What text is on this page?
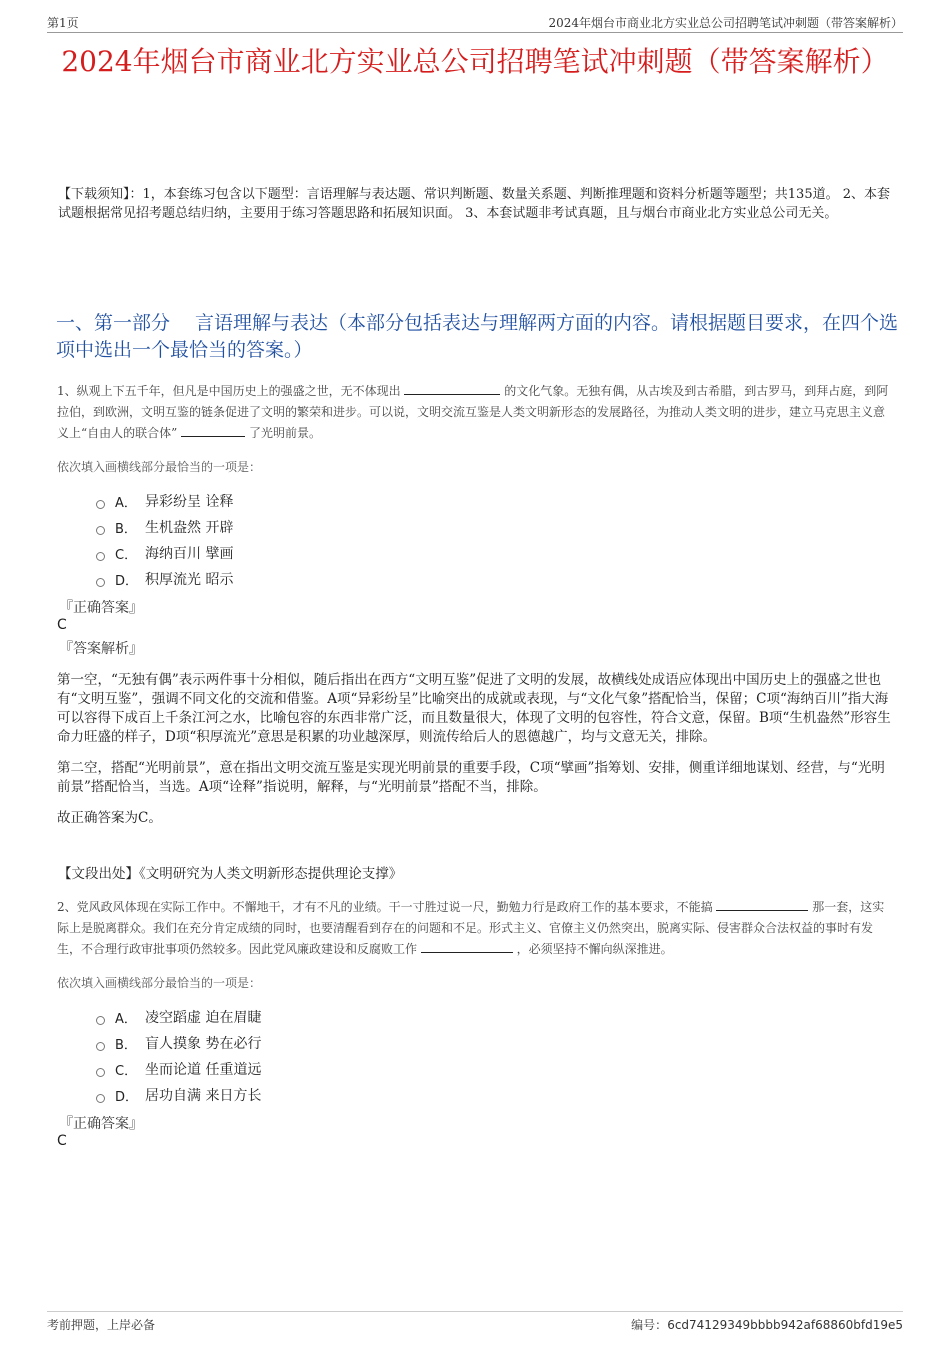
第1页	2024年烟台市商业北方实业总公司招聘笔试冲刺题（带答案解析）
2024年烟台市商业北方实业总公司招聘笔试冲刺题（带答案解析）
【下载须知】：1，本套练习包含以下题型：言语理解与表达题、常识判断题、数量关系题、判断推理题和资料分析题等题型；共135道。 2、本套试题根据常见招考题总结归纳，主要用于练习答题思路和拓展知识面。 3、本套试题非考试真题，且与烟台市商业北方实业总公司无关。
一、第一部分　 言语理解与表达（本部分包括表达与理解两方面的内容。请根据题目要求，在四个选项中选出一个最恰当的答案。）
1、纵观上下五千年，但凡是中国历史上的强盛之世，无不体现出	的文化气象。无独有偶，从古埃及到古希腊，到古罗马，到拜占庭，到阿拉伯，到欧洲，文明互鉴的链条促进了文明的繁荣和进步。可以说，文明交流互鉴是人类文明新形态的发展路径，为推动人类文明的进步，建立马克思主义意义上“自由人的联合体”	了光明前景。
依次填入画横线部分最恰当的一项是：
A． 异彩纷呈 诠释
B． 生机盎然 开辟
C． 海纳百川 擘画
D． 积厚流光 昭示
『正确答案』
C
『答案解析』

第一空，“无独有偶”表示两件事十分相似，随后指出在西方“文明互鉴”促进了文明的发展，故横线处成语应体现出中国历史上的强盛之世也有“文明互鉴”，强调不同文化的交流和借鉴。A项“异彩纷呈”比喻突出的成就或表现，与“文化气象”搭配恰当，保留；C项“海纳百川”指大海可以容得下成百上千条江河之水，比喻包容的东西非常广泛，而且数量很大，体现了文明的包容性，符合文意，保留。B项“生机盎然”形容生命力旺盛的样子，D项“积厚流光”意思是积累的功业越深厚，则流传给后人的恩德越广，均与文意无关，排除。

第二空，搭配“光明前景”，意在指出文明交流互鉴是实现光明前景的重要手段，C项“擘画”指筹划、安排，侧重详细地谋划、经营，与“光明前景”搭配恰当，当选。A项“诠释”指说明，解释，与“光明前景”搭配不当，排除。

故正确答案为C。

【文段出处】《文明研究为人类文明新形态提供理论支撑》
2、党风政风体现在实际工作中。不懈地干，才有不凡的业绩。干一寸胜过说一尺，勤勉力行是政府工作的基本要求，不能搞	那一套，这实际上是脱离群众。我们在充分肯定成绩的同时，也要清醒看到存在的问题和不足。形式主义、官僚主义仍然突出，脱离实际、侵害群众合法权益的事时有发生，不合理行政审批事项仍然较多。因此党风廉政建设和反腐败工作	，必须坚持不懈向纵深推进。
依次填入画横线部分最恰当的一项是：
A． 凌空蹈虚 迫在眉睫
B． 盲人摸象 势在必行
C． 坐而论道 任重道远
D． 居功自满 来日方长
『正确答案』
C
考前押题，上岸必备	编号：6cd74129349bbbb942af68860bfd19e5
